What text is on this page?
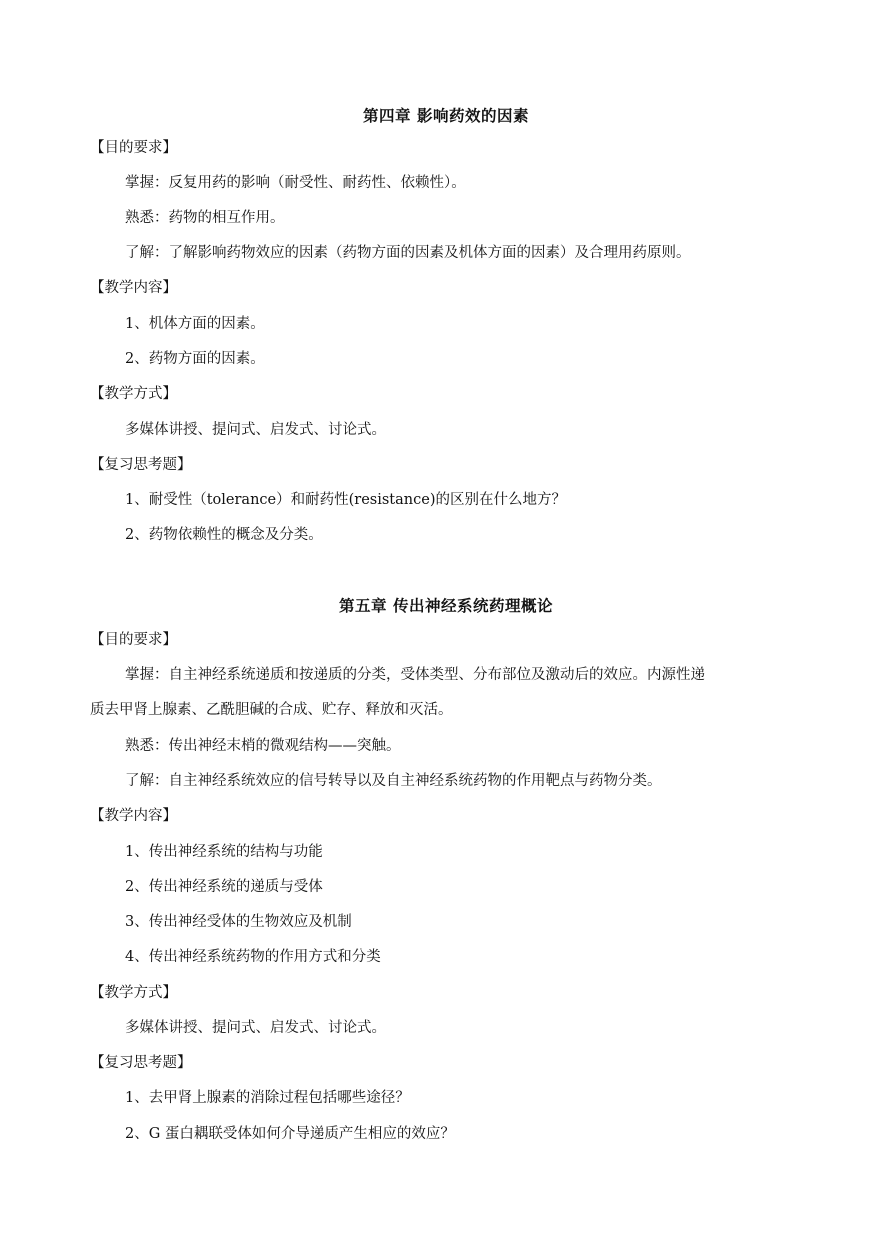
第四章 影响药效的因素
【目的要求】
掌握：反复用药的影响（耐受性、耐药性、依赖性）。
熟悉：药物的相互作用。
了解：了解影响药物效应的因素（药物方面的因素及机体方面的因素）及合理用药原则。
【教学内容】
1、机体方面的因素。
2、药物方面的因素。
【教学方式】
多媒体讲授、提问式、启发式、讨论式。
【复习思考题】
1、耐受性（tolerance）和耐药性(resistance)的区别在什么地方？
2、药物依赖性的概念及分类。
第五章 传出神经系统药理概论
【目的要求】
掌握：自主神经系统递质和按递质的分类，受体类型、分布部位及激动后的效应。内源性递
质去甲肾上腺素、乙酰胆碱的合成、贮存、释放和灭活。
熟悉：传出神经末梢的微观结构——突触。
了解：自主神经系统效应的信号转导以及自主神经系统药物的作用靶点与药物分类。
【教学内容】
1、传出神经系统的结构与功能
2、传出神经系统的递质与受体
3、传出神经受体的生物效应及机制
4、传出神经系统药物的作用方式和分类
【教学方式】
多媒体讲授、提问式、启发式、讨论式。
【复习思考题】
1、去甲肾上腺素的消除过程包括哪些途径？
2、G 蛋白耦联受体如何介导递质产生相应的效应？
